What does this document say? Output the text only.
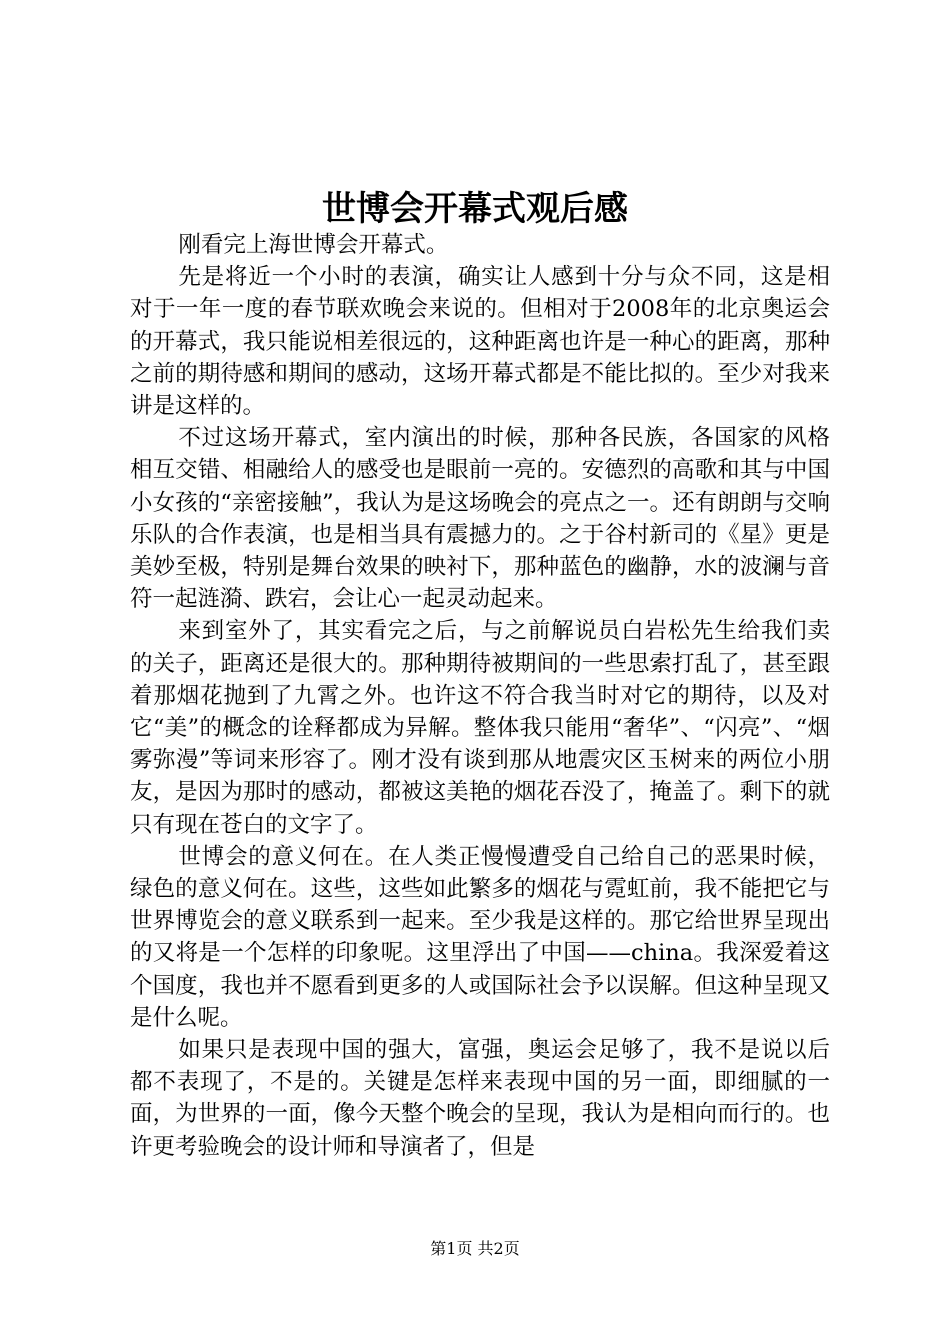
世博会开幕式观后感

刚看完上海世博会开幕式。

先是将近一个小时的表演，确实让人感到十分与众不同，这是相对于一年一度的春节联欢晚会来说的。但相对于2008年的北京奥运会的开幕式，我只能说相差很远的，这种距离也许是一种心的距离，那种之前的期待感和期间的感动，这场开幕式都是不能比拟的。至少对我来讲是这样的。

不过这场开幕式，室内演出的时候，那种各民族，各国家的风格相互交错、相融给人的感受也是眼前一亮的。安德烈的高歌和其与中国小女孩的“亲密接触”，我认为是这场晚会的亮点之一。还有朗朗与交响乐队的合作表演，也是相当具有震撼力的。之于谷村新司的《星》更是美妙至极，特别是舞台效果的映衬下，那种蓝色的幽静，水的波澜与音符一起涟漪、跌宕，会让心一起灵动起来。

来到室外了，其实看完之后，与之前解说员白岩松先生给我们卖的关子，距离还是很大的。那种期待被期间的一些思索打乱了，甚至跟着那烟花抛到了九霄之外。也许这不符合我当时对它的期待，以及对它“美”的概念的诠释都成为异解。整体我只能用“奢华”、“闪亮”、“烟雾弥漫”等词来形容了。刚才没有谈到那从地震灾区玉树来的两位小朋友，是因为那时的感动，都被这美艳的烟花吞没了，掩盖了。剩下的就只有现在苍白的文字了。

世博会的意义何在。在人类正慢慢遭受自己给自己的恶果时候，绿色的意义何在。这些，这些如此繁多的烟花与霓虹前，我不能把它与世界博览会的意义联系到一起来。至少我是这样的。那它给世界呈现出的又将是一个怎样的印象呢。这里浮出了中国——china。我深爱着这个国度，我也并不愿看到更多的人或国际社会予以误解。但这种呈现又是什么呢。

如果只是表现中国的强大，富强，奥运会足够了，我不是说以后都不表现了，不是的。关键是怎样来表现中国的另一面，即细腻的一面，为世界的一面，像今天整个晚会的呈现，我认为是相向而行的。也许更考验晚会的设计师和导演者了，但是

第1页 共2页
